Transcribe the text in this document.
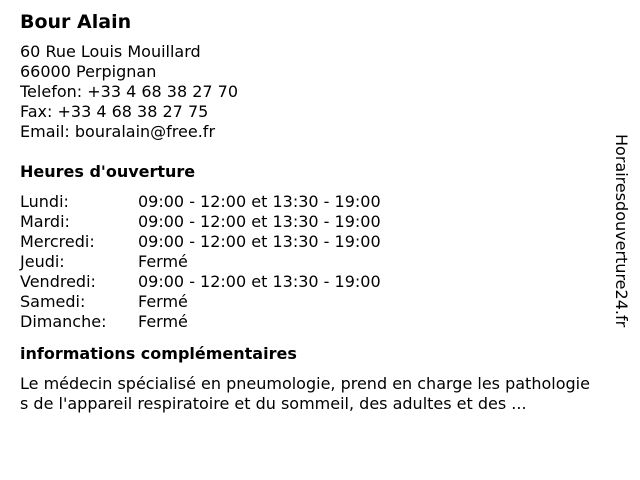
Bour Alain
60 Rue Louis Mouillard
66000 Perpignan
Telefon: +33 4 68 38 27 70
Fax: +33 4 68 38 27 75
Email: bouralain@free.fr
Heures d'ouverture
Lundi:	09:00 - 12:00 et 13:30 - 19:00
Mardi:	09:00 - 12:00 et 13:30 - 19:00
Mercredi:	09:00 - 12:00 et 13:30 - 19:00
Jeudi:	Fermé
Vendredi:	09:00 - 12:00 et 13:30 - 19:00
Samedi:	Fermé
Dimanche:	Fermé
informations complémentaires
Le médecin spécialisé en pneumologie, prend en charge les pathologies de l'appareil respiratoire et du sommeil, des adultes et des ...
Horairesdouverture24.fr
